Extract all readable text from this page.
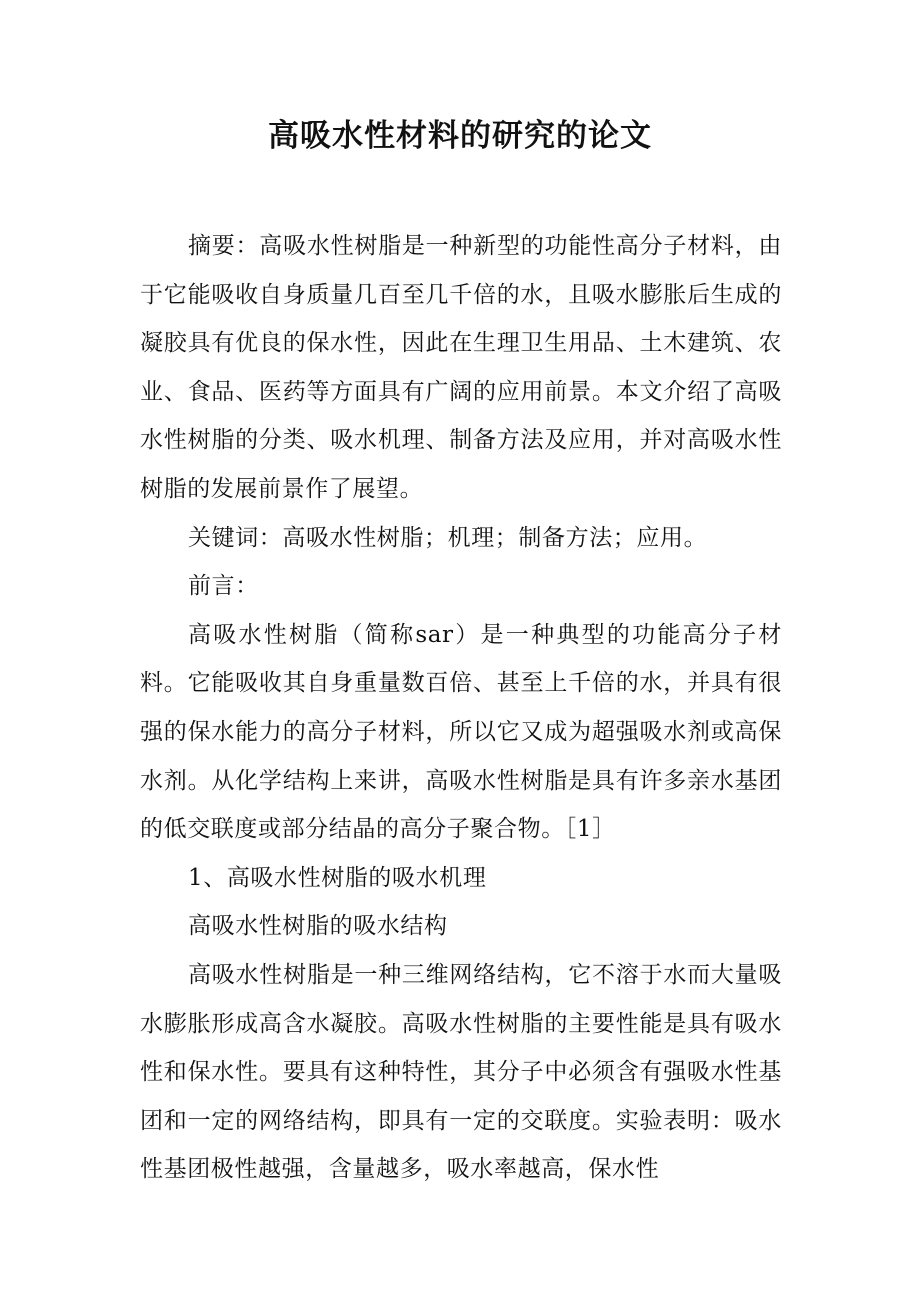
高吸水性材料的研究的论文

摘要：高吸水性树脂是一种新型的功能性高分子材料，由于它能吸收自身质量几百至几千倍的水，且吸水膨胀后生成的凝胶具有优良的保水性，因此在生理卫生用品、土木建筑、农业、食品、医药等方面具有广阔的应用前景。本文介绍了高吸水性树脂的分类、吸水机理、制备方法及应用，并对高吸水性树脂的发展前景作了展望。

关键词：高吸水性树脂；机理；制备方法；应用。

前言：

高吸水性树脂（简称sar）是一种典型的功能高分子材料。它能吸收其自身重量数百倍、甚至上千倍的水，并具有很强的保水能力的高分子材料，所以它又成为超强吸水剂或高保水剂。从化学结构上来讲，高吸水性树脂是具有许多亲水基团的低交联度或部分结晶的高分子聚合物。［1］

1、高吸水性树脂的吸水机理

高吸水性树脂的吸水结构

高吸水性树脂是一种三维网络结构，它不溶于水而大量吸水膨胀形成高含水凝胶。高吸水性树脂的主要性能是具有吸水性和保水性。要具有这种特性，其分子中必须含有强吸水性基团和一定的网络结构，即具有一定的交联度。实验表明：吸水性基团极性越强，含量越多，吸水率越高，保水性
